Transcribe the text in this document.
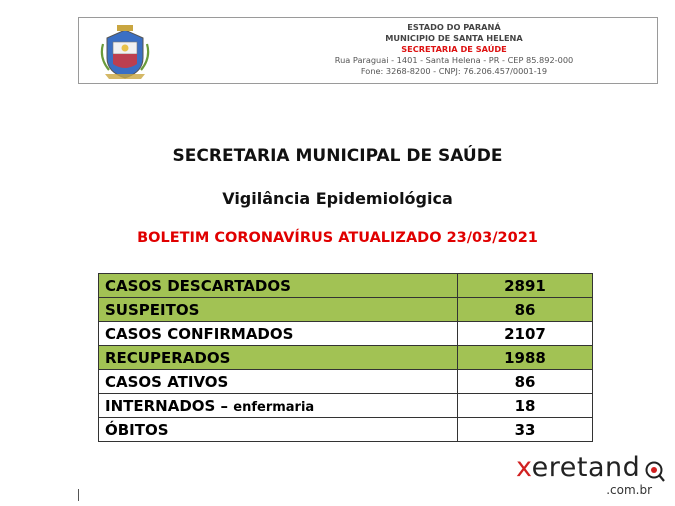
ESTADO DO PARANÁ
MUNICIPIO DE SANTA HELENA
SECRETARIA DE SAÚDE
Rua Paraguai - 1401 - Santa Helena - PR - CEP 85.892-000
Fone: 3268-8200 - CNPJ: 76.206.457/0001-19
SECRETARIA MUNICIPAL DE SAÚDE
Vigilância Epidemiológica
BOLETIM CORONAVÍRUS ATUALIZADO 23/03/2021
CASOS DESCARTADOS	2891
SUSPEITOS	86
CASOS CONFIRMADOS	2107
RECUPERADOS	1988
CASOS ATIVOS	86
INTERNADOS – enfermaria	18
ÓBITOS	33
xeretand
.com.br
